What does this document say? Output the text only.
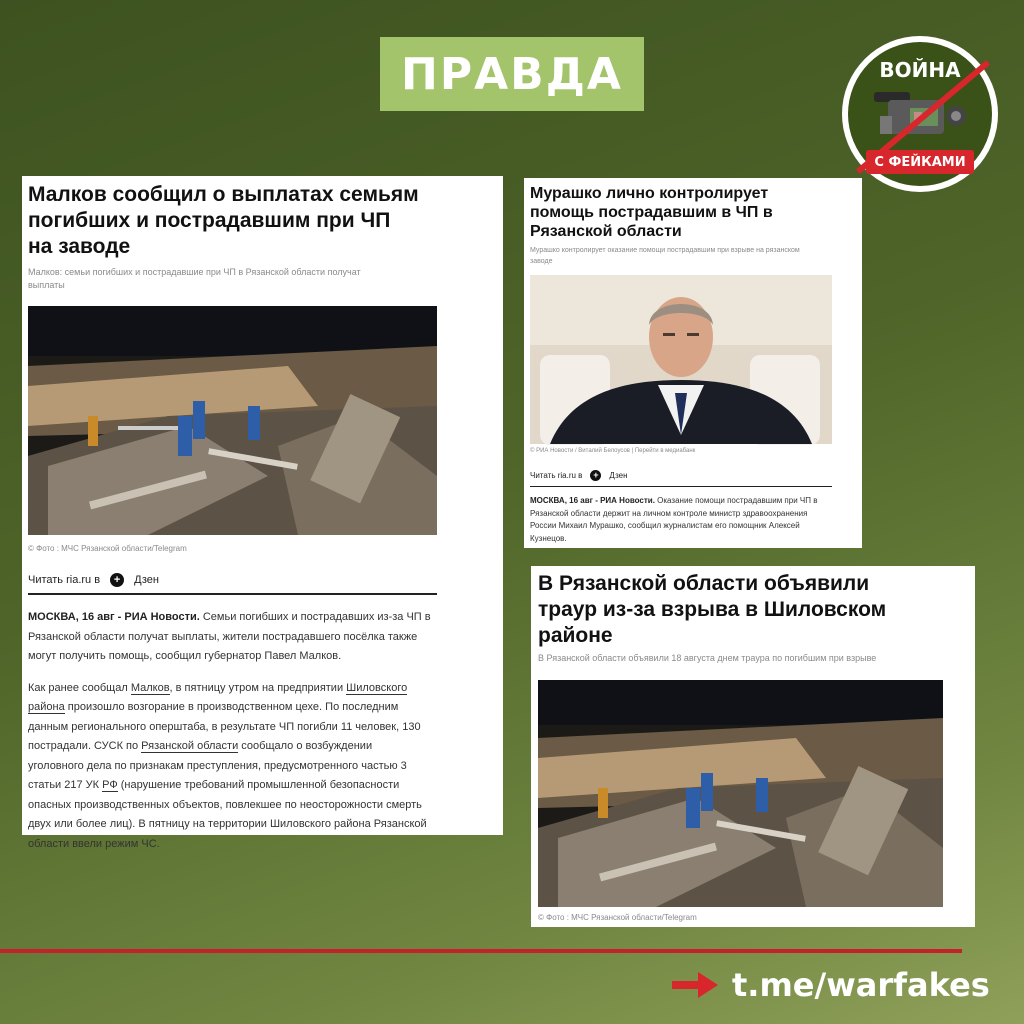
ПРАВДА	ВОЙНА
С ФЕЙКАМИ
Малков сообщил о выплатах семьям
погибших и пострадавшим при ЧП
на заводе
Малков: семьи погибших и пострадавшие при ЧП в Рязанской области получат
выплаты
© Фото : МЧС Рязанской области/Telegram
Читать ria.ru в	+	Дзен
МОСКВА, 16 авг - РИА Новости. Семьи погибших и пострадавших из-за ЧП в
Рязанской области получат выплаты, жители пострадавшего посёлка также
могут получить помощь, сообщил губернатор Павел Малков.
Как ранее сообщал Малков, в пятницу утром на предприятии Шиловского
района произошло возгорание в производственном цехе. По последним
данным регионального оперштаба, в результате ЧП погибли 11 человек, 130
пострадали. СУСК по Рязанской области сообщало о возбуждении
уголовного дела по признакам преступления, предусмотренного частью 3
статьи 217 УК РФ (нарушение требований промышленной безопасности
опасных производственных объектов, повлекшее по неосторожности смерть
двух или более лиц). В пятницу на территории Шиловского района Рязанской
области ввели режим ЧС.
Мурашко лично контролирует
помощь пострадавшим в ЧП в
Рязанской области
Мурашко контролирует оказание помощи пострадавшим при взрыве на рязанском
заводе
© РИА Новости / Виталий Белоусов | Перейти в медиабанк
Читать ria.ru в	+	Дзен
МОСКВА, 16 авг - РИА Новости. Оказание помощи пострадавшим при ЧП в
Рязанской области держит на личном контроле министр здравоохранения
России Михаил Мурашко, сообщил журналистам его помощник Алексей
Кузнецов.
В Рязанской области объявили
траур из-за взрыва в Шиловском
районе
В Рязанской области объявили 18 августа днем траура по погибшим при взрыве
© Фото : МЧС Рязанской области/Telegram
t.me/warfakes
